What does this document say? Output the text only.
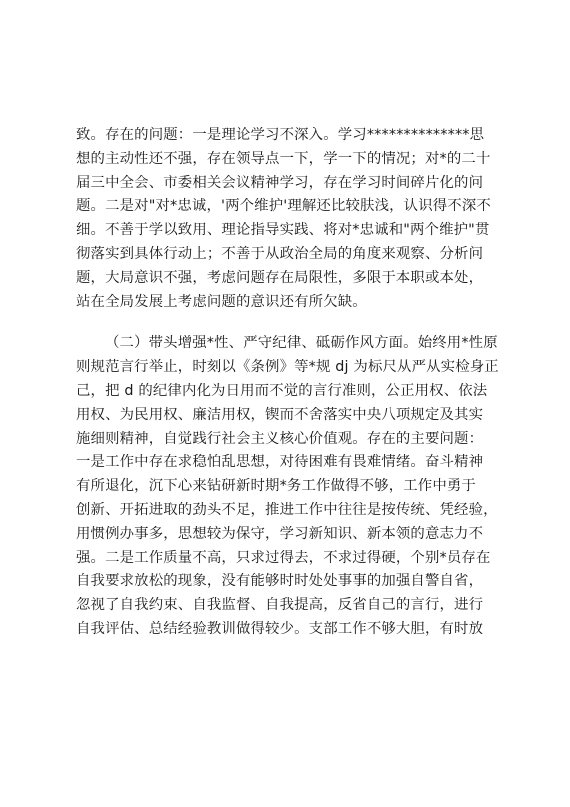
致。存在的问题：一是理论学习不深入。学习**************思
想的主动性还不强，存在领导点一下，学一下的情况；对*的二十
届三中全会、市委相关会议精神学习，存在学习时间碎片化的问
题。二是对"对*忠诚，'两个维护'理解还比较肤浅，认识得不深不
细。不善于学以致用、理论指导实践、将对*忠诚和"两个维护"贯
彻落实到具体行动上；不善于从政治全局的角度来观察、分析问
题，大局意识不强，考虑问题存在局限性，多限于本职或本处，
站在全局发展上考虑问题的意识还有所欠缺。
（二）带头增强*性、严守纪律、砥砺作风方面。始终用*性原
则规范言行举止，时刻以《条例》等*规 dj 为标尺从严从实检身正
己，把 d 的纪律内化为日用而不觉的言行准则，公正用权、依法
用权、为民用权、廉洁用权，锲而不舍落实中央八项规定及其实
施细则精神，自觉践行社会主义核心价值观。存在的主要问题：
一是工作中存在求稳怕乱思想，对待困难有畏难情绪。奋斗精神
有所退化，沉下心来钻研新时期*务工作做得不够，工作中勇于
创新、开拓进取的劲头不足，推进工作中往往是按传统、凭经验，
用惯例办事多，思想较为保守，学习新知识、新本领的意志力不
强。二是工作质量不高，只求过得去，不求过得硬，个别*员存在
自我要求放松的现象，没有能够时时处处事事的加强自警自省，
忽视了自我约束、自我监督、自我提高，反省自己的言行，进行
自我评估、总结经验教训做得较少。支部工作不够大胆，有时放
